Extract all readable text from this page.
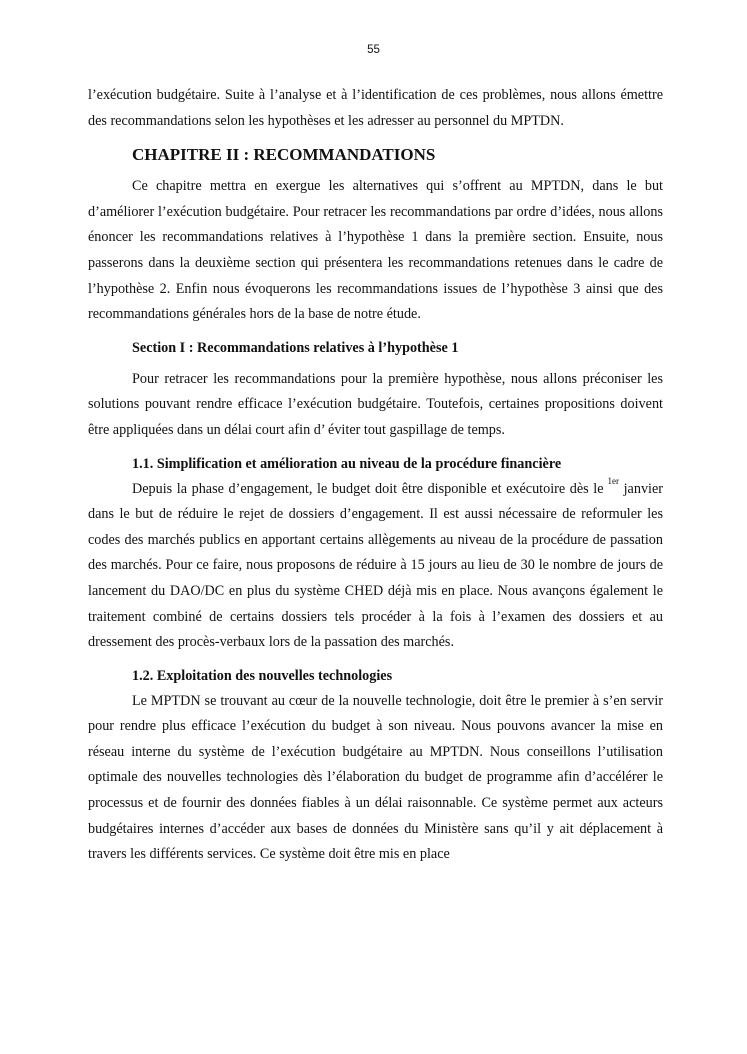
55

l’exécution budgétaire. Suite à l’analyse et à l’identification de ces problèmes, nous allons émettre des recommandations selon les hypothèses et les adresser au personnel du MPTDN.

CHAPITRE II : RECOMMANDATIONS

Ce chapitre mettra en exergue les alternatives qui s’offrent au MPTDN, dans le but d’améliorer l’exécution budgétaire. Pour retracer les recommandations par ordre d’idées, nous allons énoncer les recommandations relatives à l’hypothèse 1 dans la première section. Ensuite, nous passerons dans la deuxième section qui présentera les recommandations retenues dans le cadre de l’hypothèse 2. Enfin nous évoquerons les recommandations issues de l’hypothèse 3 ainsi que des recommandations générales hors de la base de notre étude.

Section I : Recommandations relatives à l’hypothèse 1

Pour retracer les recommandations pour la première hypothèse, nous allons préconiser les solutions pouvant rendre efficace l’exécution budgétaire. Toutefois, certaines propositions doivent être appliquées dans un délai court afin d’ éviter tout gaspillage de temps.

1.1. Simplification et amélioration au niveau de la procédure financière

Depuis la phase d’engagement, le budget doit être disponible et exécutoire dès le $^{1er}$ janvier dans le but de réduire le rejet de dossiers d’engagement. Il est aussi nécessaire de reformuler les codes des marchés publics en apportant certains allègements au niveau de la procédure de passation des marchés. Pour ce faire, nous proposons de réduire à 15 jours au lieu de 30 le nombre de jours de lancement du DAO/DC en plus du système CHED déjà mis en place. Nous avançons également le traitement combiné de certains dossiers tels procéder à la fois à l’examen des dossiers et au dressement des procès-verbaux lors de la passation des marchés.

1.2. Exploitation des nouvelles technologies

Le MPTDN se trouvant au cœur de la nouvelle technologie, doit être le premier à s’en servir pour rendre plus efficace l’exécution du budget à son niveau. Nous pouvons avancer la mise en réseau interne du système de l’exécution budgétaire au MPTDN. Nous conseillons l’utilisation optimale des nouvelles technologies dès l’élaboration du budget de programme afin d’accélérer le processus et de fournir des données fiables à un délai raisonnable. Ce système permet aux acteurs budgétaires internes d’accéder aux bases de données du Ministère sans qu’il y ait déplacement à travers les différents services. Ce système doit être mis en place
